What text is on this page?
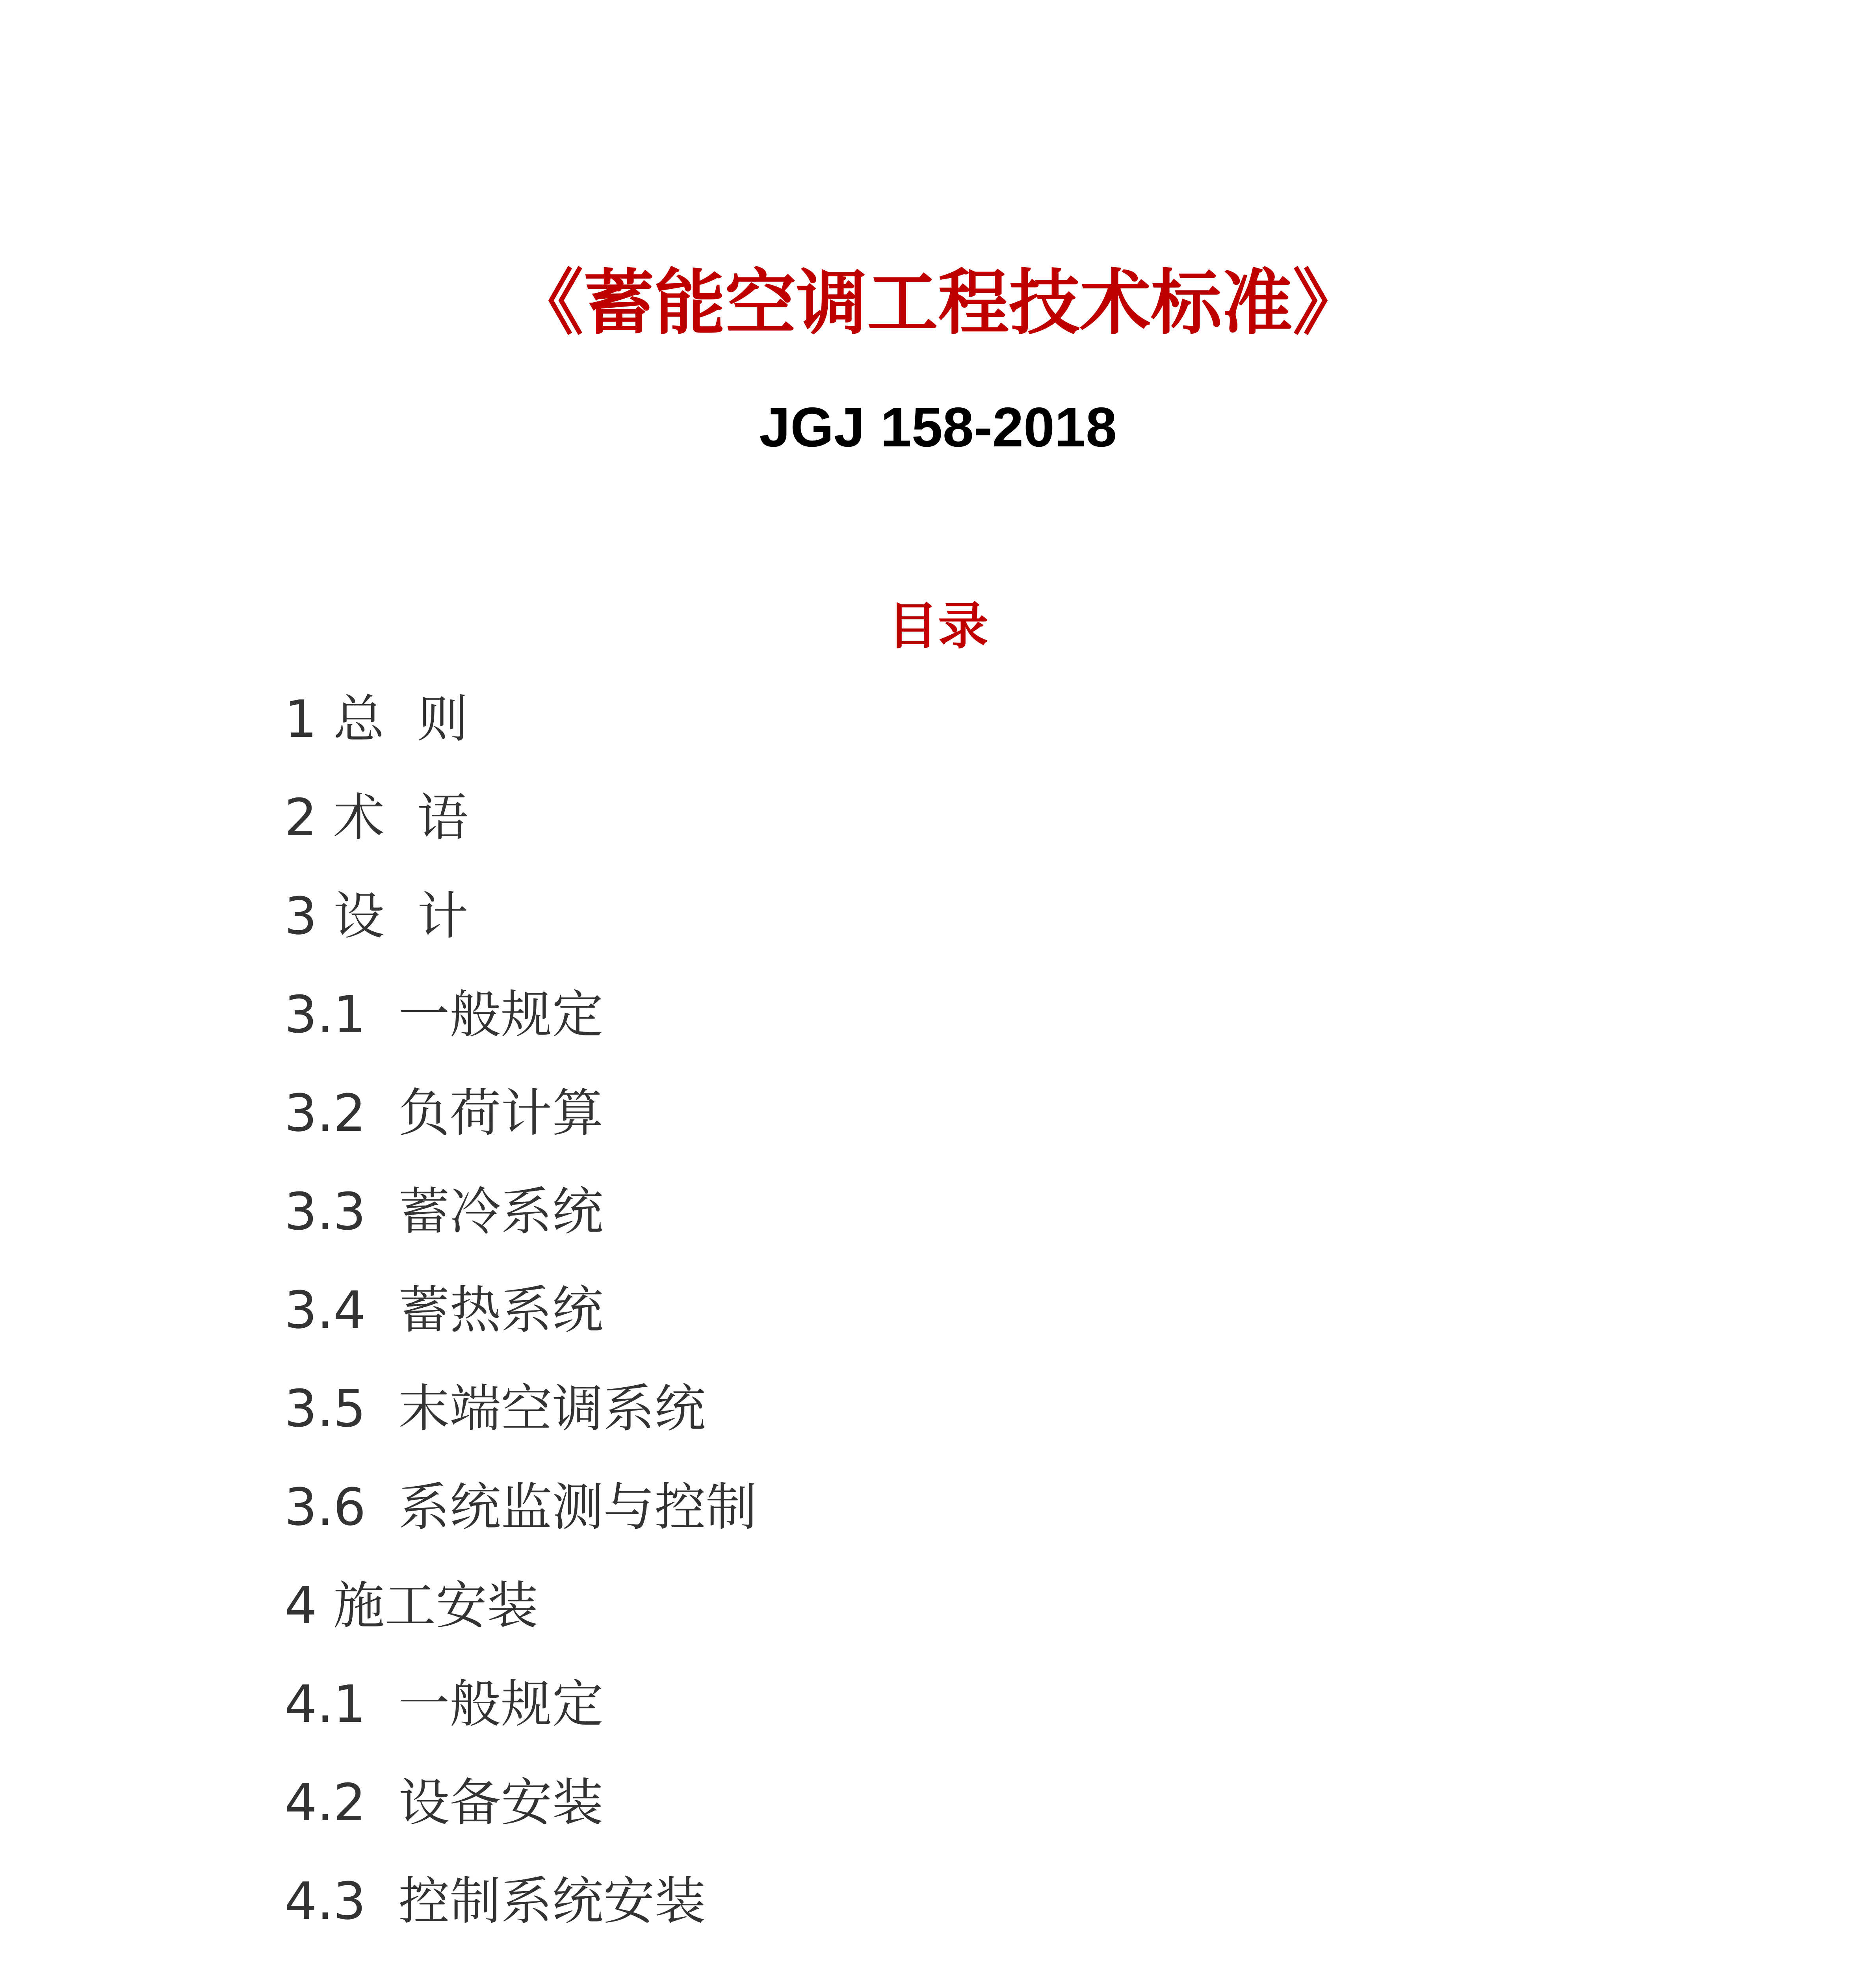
《蓄能空调工程技术标准》
JGJ 158-2018
目录
1 总  则
2 术  语
3 设  计
3.1  一般规定
3.2  负荷计算
3.3  蓄冷系统
3.4  蓄热系统
3.5  末端空调系统
3.6  系统监测与控制
4 施工安装
4.1  一般规定
4.2  设备安装
4.3  控制系统安装
